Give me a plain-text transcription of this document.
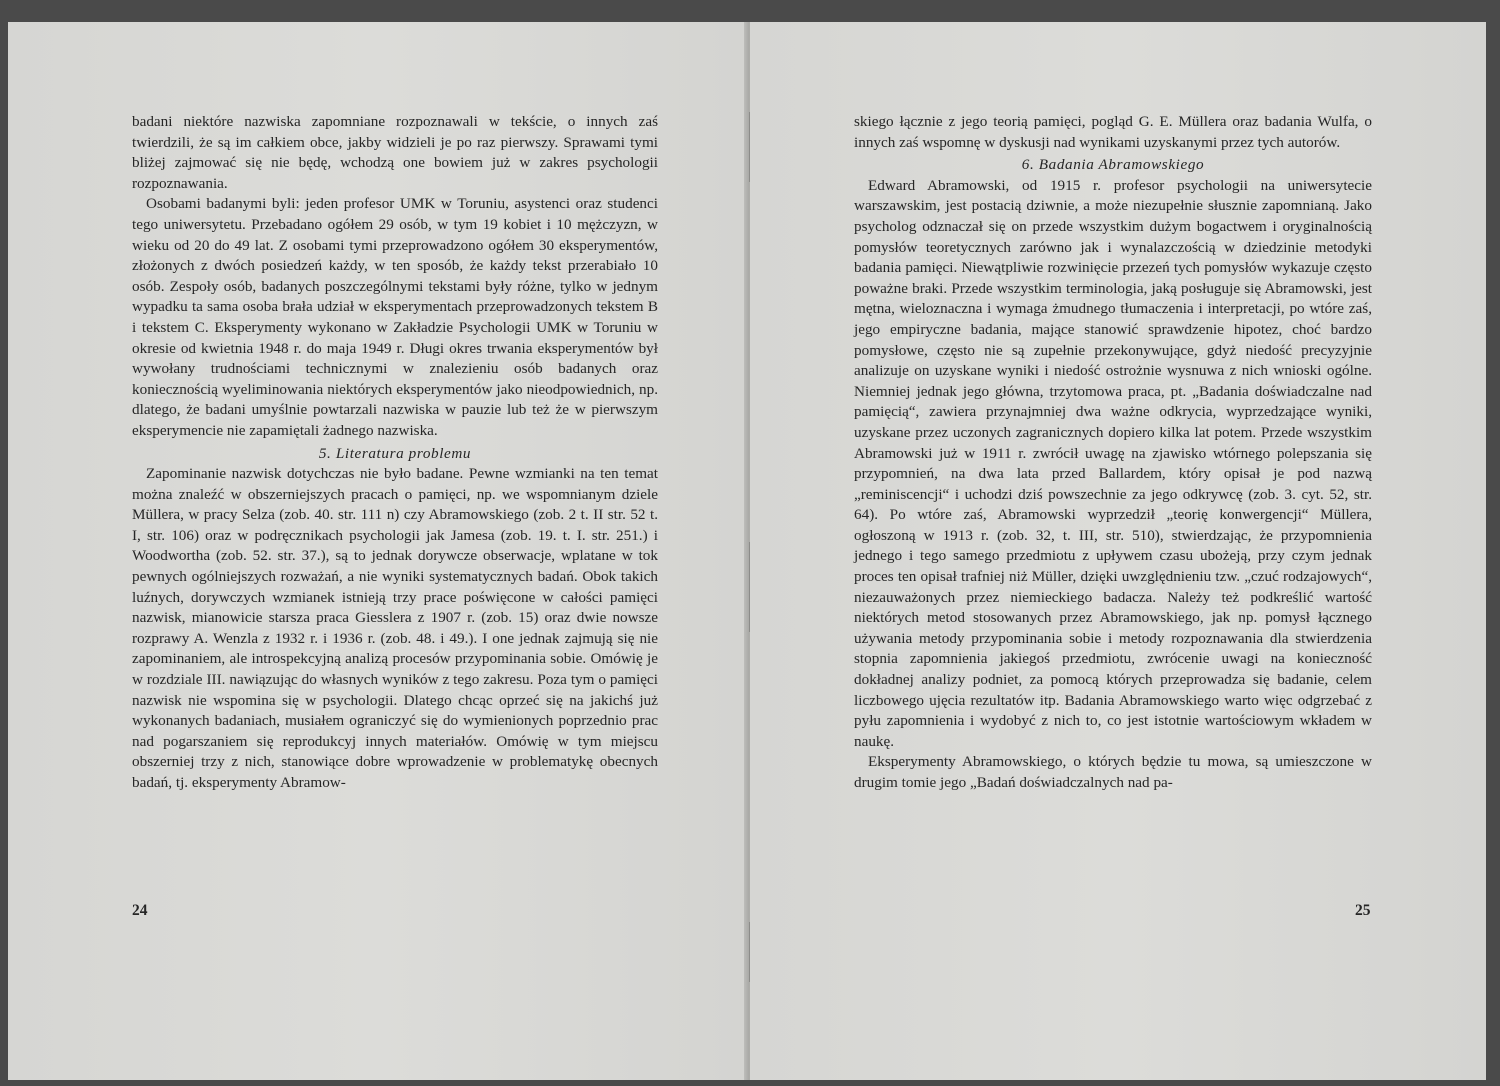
badani niektóre nazwiska zapomniane rozpoznawali w tekście, o innych zaś twierdzili, że są im całkiem obce, jakby widzieli je po raz pierwszy. Sprawami tymi bliżej zajmować się nie będę, wchodzą one bowiem już w zakres psychologii rozpoznawania.

Osobami badanymi byli: jeden profesor UMK w Toruniu, asystenci oraz studenci tego uniwersytetu. Przebadano ogółem 29 osób, w tym 19 kobiet i 10 mężczyzn, w wieku od 20 do 49 lat. Z osobami tymi przeprowadzono ogółem 30 eksperymentów, złożonych z dwóch posiedzeń każdy, w ten sposób, że każdy tekst przerabiało 10 osób. Zespoły osób, badanych poszczególnymi tekstami były różne, tylko w jednym wypadku ta sama osoba brała udział w eksperymentach przeprowadzonych tekstem B i tekstem C. Eksperymenty wykonano w Zakładzie Psychologii UMK w Toruniu w okresie od kwietnia 1948 r. do maja 1949 r. Długi okres trwania eksperymentów był wywołany trudnościami technicznymi w znalezieniu osób badanych oraz koniecznością wyeliminowania niektórych eksperymentów jako nieodpowiednich, np. dlatego, że badani umyślnie powtarzali nazwiska w pauzie lub też że w pierwszym eksperymencie nie zapamiętali żadnego nazwiska.

5. Literatura problemu

Zapominanie nazwisk dotychczas nie było badane. Pewne wzmianki na ten temat można znaleźć w obszerniejszych pracach o pamięci, np. we wspomnianym dziele Müllera, w pracy Selza (zob. 40. str. 111 n) czy Abramowskiego (zob. 2 t. II str. 52 t. I, str. 106) oraz w podręcznikach psychologii jak Jamesa (zob. 19. t. I. str. 251.) i Woodwortha (zob. 52. str. 37.), są to jednak dorywcze obserwacje, wplatane w tok pewnych ogólniejszych rozważań, a nie wyniki systematycznych badań. Obok takich luźnych, dorywczych wzmianek istnieją trzy prace poświęcone w całości pamięci nazwisk, mianowicie starsza praca Giesslera z 1907 r. (zob. 15) oraz dwie nowsze rozprawy A. Wenzla z 1932 r. i 1936 r. (zob. 48. i 49.). I one jednak zajmują się nie zapominaniem, ale introspekcyjną analizą procesów przypominania sobie. Omówię je w rozdziale III. nawiązując do własnych wyników z tego zakresu. Poza tym o pamięci nazwisk nie wspomina się w psychologii. Dlatego chcąc oprzeć się na jakichś już wykonanych badaniach, musiałem ograniczyć się do wymienionych poprzednio prac nad pogarszaniem się reprodukcyj innych materiałów. Omówię w tym miejscu obszerniej trzy z nich, stanowiące dobre wprowadzenie w problematykę obecnych badań, tj. eksperymenty Abramow-

24

skiego łącznie z jego teorią pamięci, pogląd G. E. Müllera oraz badania Wulfa, o innych zaś wspomnę w dyskusji nad wynikami uzyskanymi przez tych autorów.

6. Badania Abramowskiego

Edward Abramowski, od 1915 r. profesor psychologii na uniwersytecie warszawskim, jest postacią dziwnie, a może niezupełnie słusznie zapomnianą. Jako psycholog odznaczał się on przede wszystkim dużym bogactwem i oryginalnością pomysłów teoretycznych zarówno jak i wynalazczością w dziedzinie metodyki badania pamięci. Niewątpliwie rozwinięcie przezeń tych pomysłów wykazuje często poważne braki. Przede wszystkim terminologia, jaką posługuje się Abramowski, jest mętna, wieloznaczna i wymaga żmudnego tłumaczenia i interpretacji, po wtóre zaś, jego empiryczne badania, mające stanowić sprawdzenie hipotez, choć bardzo pomysłowe, często nie są zupełnie przekonywujące, gdyż niedość precyzyjnie analizuje on uzyskane wyniki i niedość ostrożnie wysnuwa z nich wnioski ogólne. Niemniej jednak jego główna, trzytomowa praca, pt. „Badania doświadczalne nad pamięcią“, zawiera przynajmniej dwa ważne odkrycia, wyprzedzające wyniki, uzyskane przez uczonych zagranicznych dopiero kilka lat potem. Przede wszystkim Abramowski już w 1911 r. zwrócił uwagę na zjawisko wtórnego polepszania się przypomnień, na dwa lata przed Ballardem, który opisał je pod nazwą „reminiscencji“ i uchodzi dziś powszechnie za jego odkrywcę (zob. 3. cyt. 52, str. 64). Po wtóre zaś, Abramowski wyprzedził „teorię konwergencji“ Müllera, ogłoszoną w 1913 r. (zob. 32, t. III, str. 510), stwierdzając, że przypomnienia jednego i tego samego przedmiotu z upływem czasu ubożeją, przy czym jednak proces ten opisał trafniej niż Müller, dzięki uwzględnieniu tzw. „czuć rodzajowych“, niezauważonych przez niemieckiego badacza. Należy też podkreślić wartość niektórych metod stosowanych przez Abramowskiego, jak np. pomysł łącznego używania metody przypominania sobie i metody rozpoznawania dla stwierdzenia stopnia zapomnienia jakiegoś przedmiotu, zwrócenie uwagi na konieczność dokładnej analizy podniet, za pomocą których przeprowadza się badanie, celem liczbowego ujęcia rezultatów itp. Badania Abramowskiego warto więc odgrzebać z pyłu zapomnienia i wydobyć z nich to, co jest istotnie wartościowym wkładem w naukę.

Eksperymenty Abramowskiego, o których będzie tu mowa, są umieszczone w drugim tomie jego „Badań doświadczalnych nad pa-

25
